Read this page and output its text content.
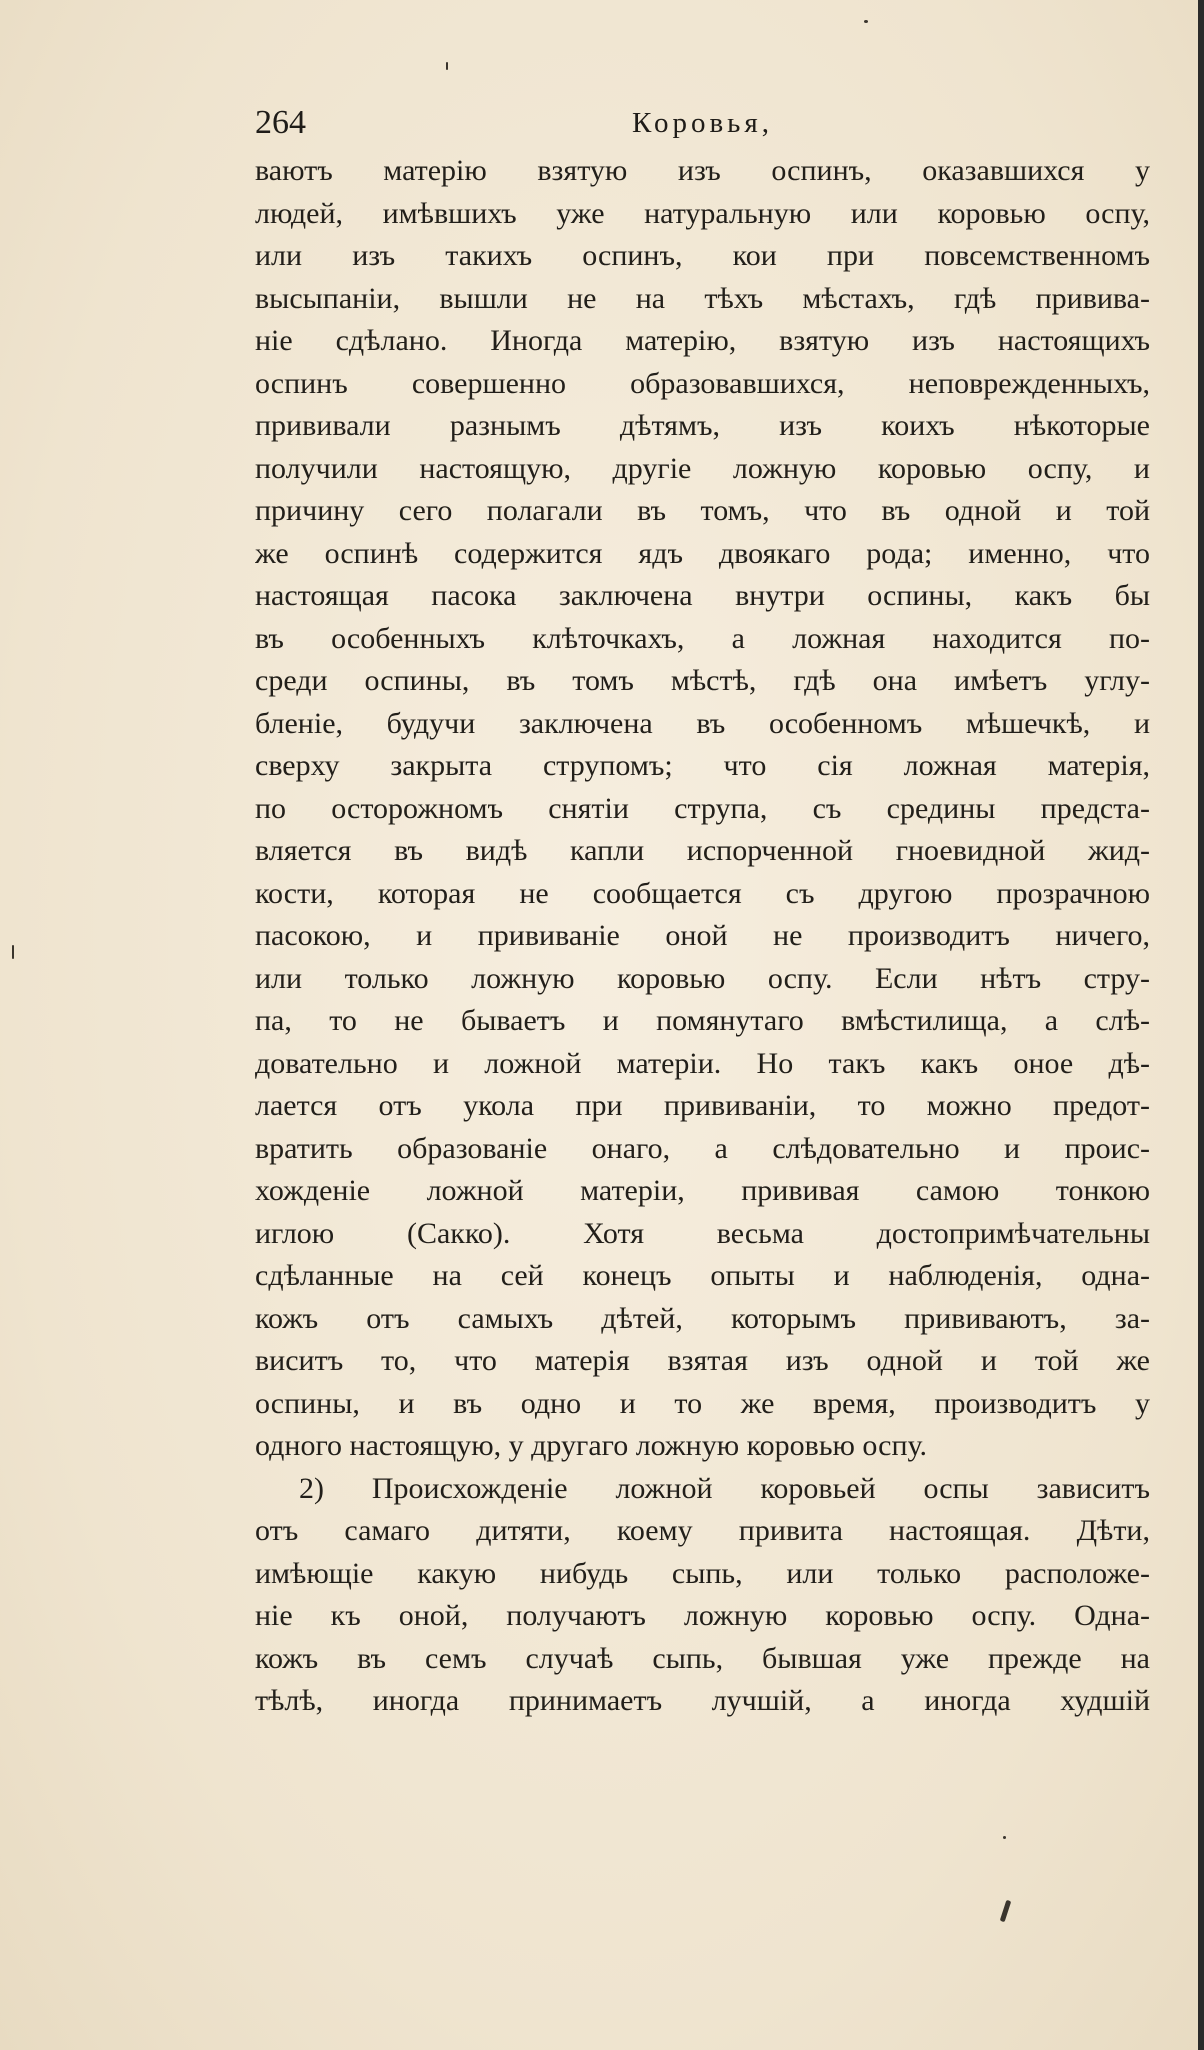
264	Коровья,
ваютъ матерію взятую изъ оспинъ, оказавшихся у
людей, имѣвшихъ уже натуральную или коровью оспу,
или изъ такихъ оспинъ, кои при повсемственномъ
высыпаніи, вышли не на тѣхъ мѣстахъ, гдѣ привива-
ніе сдѣлано. Иногда матерію, взятую изъ настоящихъ
оспинъ совершенно образовавшихся, неповрежденныхъ,
прививали разнымъ дѣтямъ, изъ коихъ нѣкоторые
получили настоящую, другіе ложную коровью оспу, и
причину сего полагали въ томъ, что въ одной и той
же оспинѣ содержится ядъ двоякаго рода; именно, что
настоящая пасока заключена внутри оспины, какъ бы
въ особенныхъ клѣточкахъ, а ложная находится по-
среди оспины, въ томъ мѣстѣ, гдѣ она имѣетъ углу-
бленіе, будучи заключена въ особенномъ мѣшечкѣ, и
сверху закрыта струпомъ; что сія ложная матерія,
по осторожномъ снятіи струпа, съ средины предста-
вляется въ видѣ капли испорченной гноевидной жид-
кости, которая не сообщается съ другою прозрачною
пасокою, и прививаніе оной не производитъ ничего,
или только ложную коровью оспу. Если нѣтъ стру-
па, то не бываетъ и помянутаго вмѣстилища, а слѣ-
довательно и ложной матеріи. Но такъ какъ оное дѣ-
лается отъ укола при прививаніи, то можно предот-
вратить образованіе онаго, а слѣдовательно и проис-
хожденіе ложной матеріи, прививая самою тонкою
иглою (Сакко). Хотя весьма достопримѣчательны
сдѣланные на сей конецъ опыты и наблюденія, одна-
кожъ отъ самыхъ дѣтей, которымъ прививаютъ, за-
виситъ то, что матерія взятая изъ одной и той же
оспины, и въ одно и то же время, производитъ у
одного настоящую, у другаго ложную коровью оспу.
2) Происхожденіе ложной коровьей оспы зависитъ
отъ самаго дитяти, коему привита настоящая. Дѣти,
имѣющіе какую нибудь сыпь, или только расположе-
ніе къ оной, получаютъ ложную коровью оспу. Одна-
кожъ въ семъ случаѣ сыпь, бывшая уже прежде на
тѣлѣ, иногда принимаетъ лучшій, а иногда худшій
